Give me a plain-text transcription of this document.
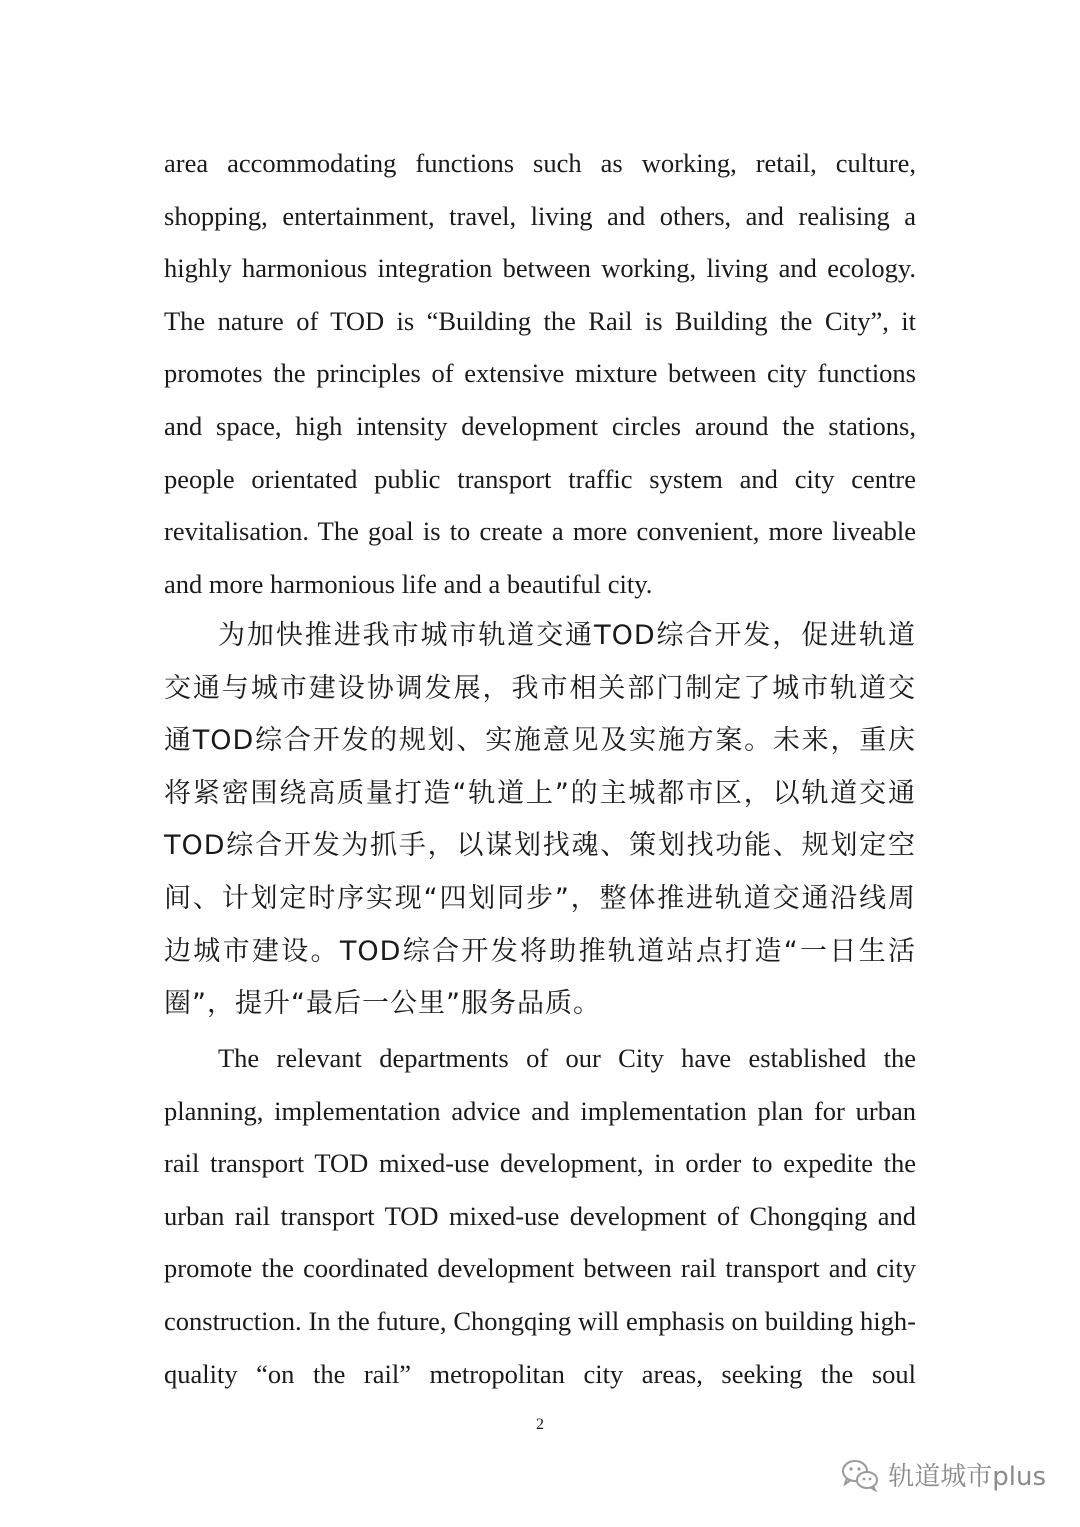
area accommodating functions such as working, retail, culture, shopping, entertainment, travel, living and others, and realising a highly harmonious integration between working, living and ecology. The nature of TOD is “Building the Rail is Building the City”, it promotes the principles of extensive mixture between city functions and space, high intensity development circles around the stations, people orientated public transport traffic system and city centre revitalisation. The goal is to create a more convenient, more liveable and more harmonious life and a beautiful city.

为加快推进我市城市轨道交通TOD综合开发，促进轨道交通与城市建设协调发展，我市相关部门制定了城市轨道交通TOD综合开发的规划、实施意见及实施方案。未来，重庆将紧密围绕高质量打造“轨道上”的主城都市区，以轨道交通TOD综合开发为抓手，以谋划找魂、策划找功能、规划定空间、计划定时序实现“四划同步”，整体推进轨道交通沿线周边城市建设。TOD综合开发将助推轨道站点打造“一日生活圈”，提升“最后一公里”服务品质。

The relevant departments of our City have established the planning, implementation advice and implementation plan for urban rail transport TOD mixed-use development, in order to expedite the urban rail transport TOD mixed-use development of Chongqing and promote the coordinated development between rail transport and city construction. In the future, Chongqing will emphasis on building high-quality “on the rail” metropolitan city areas, seeking the soul

2
轨道城市plus
